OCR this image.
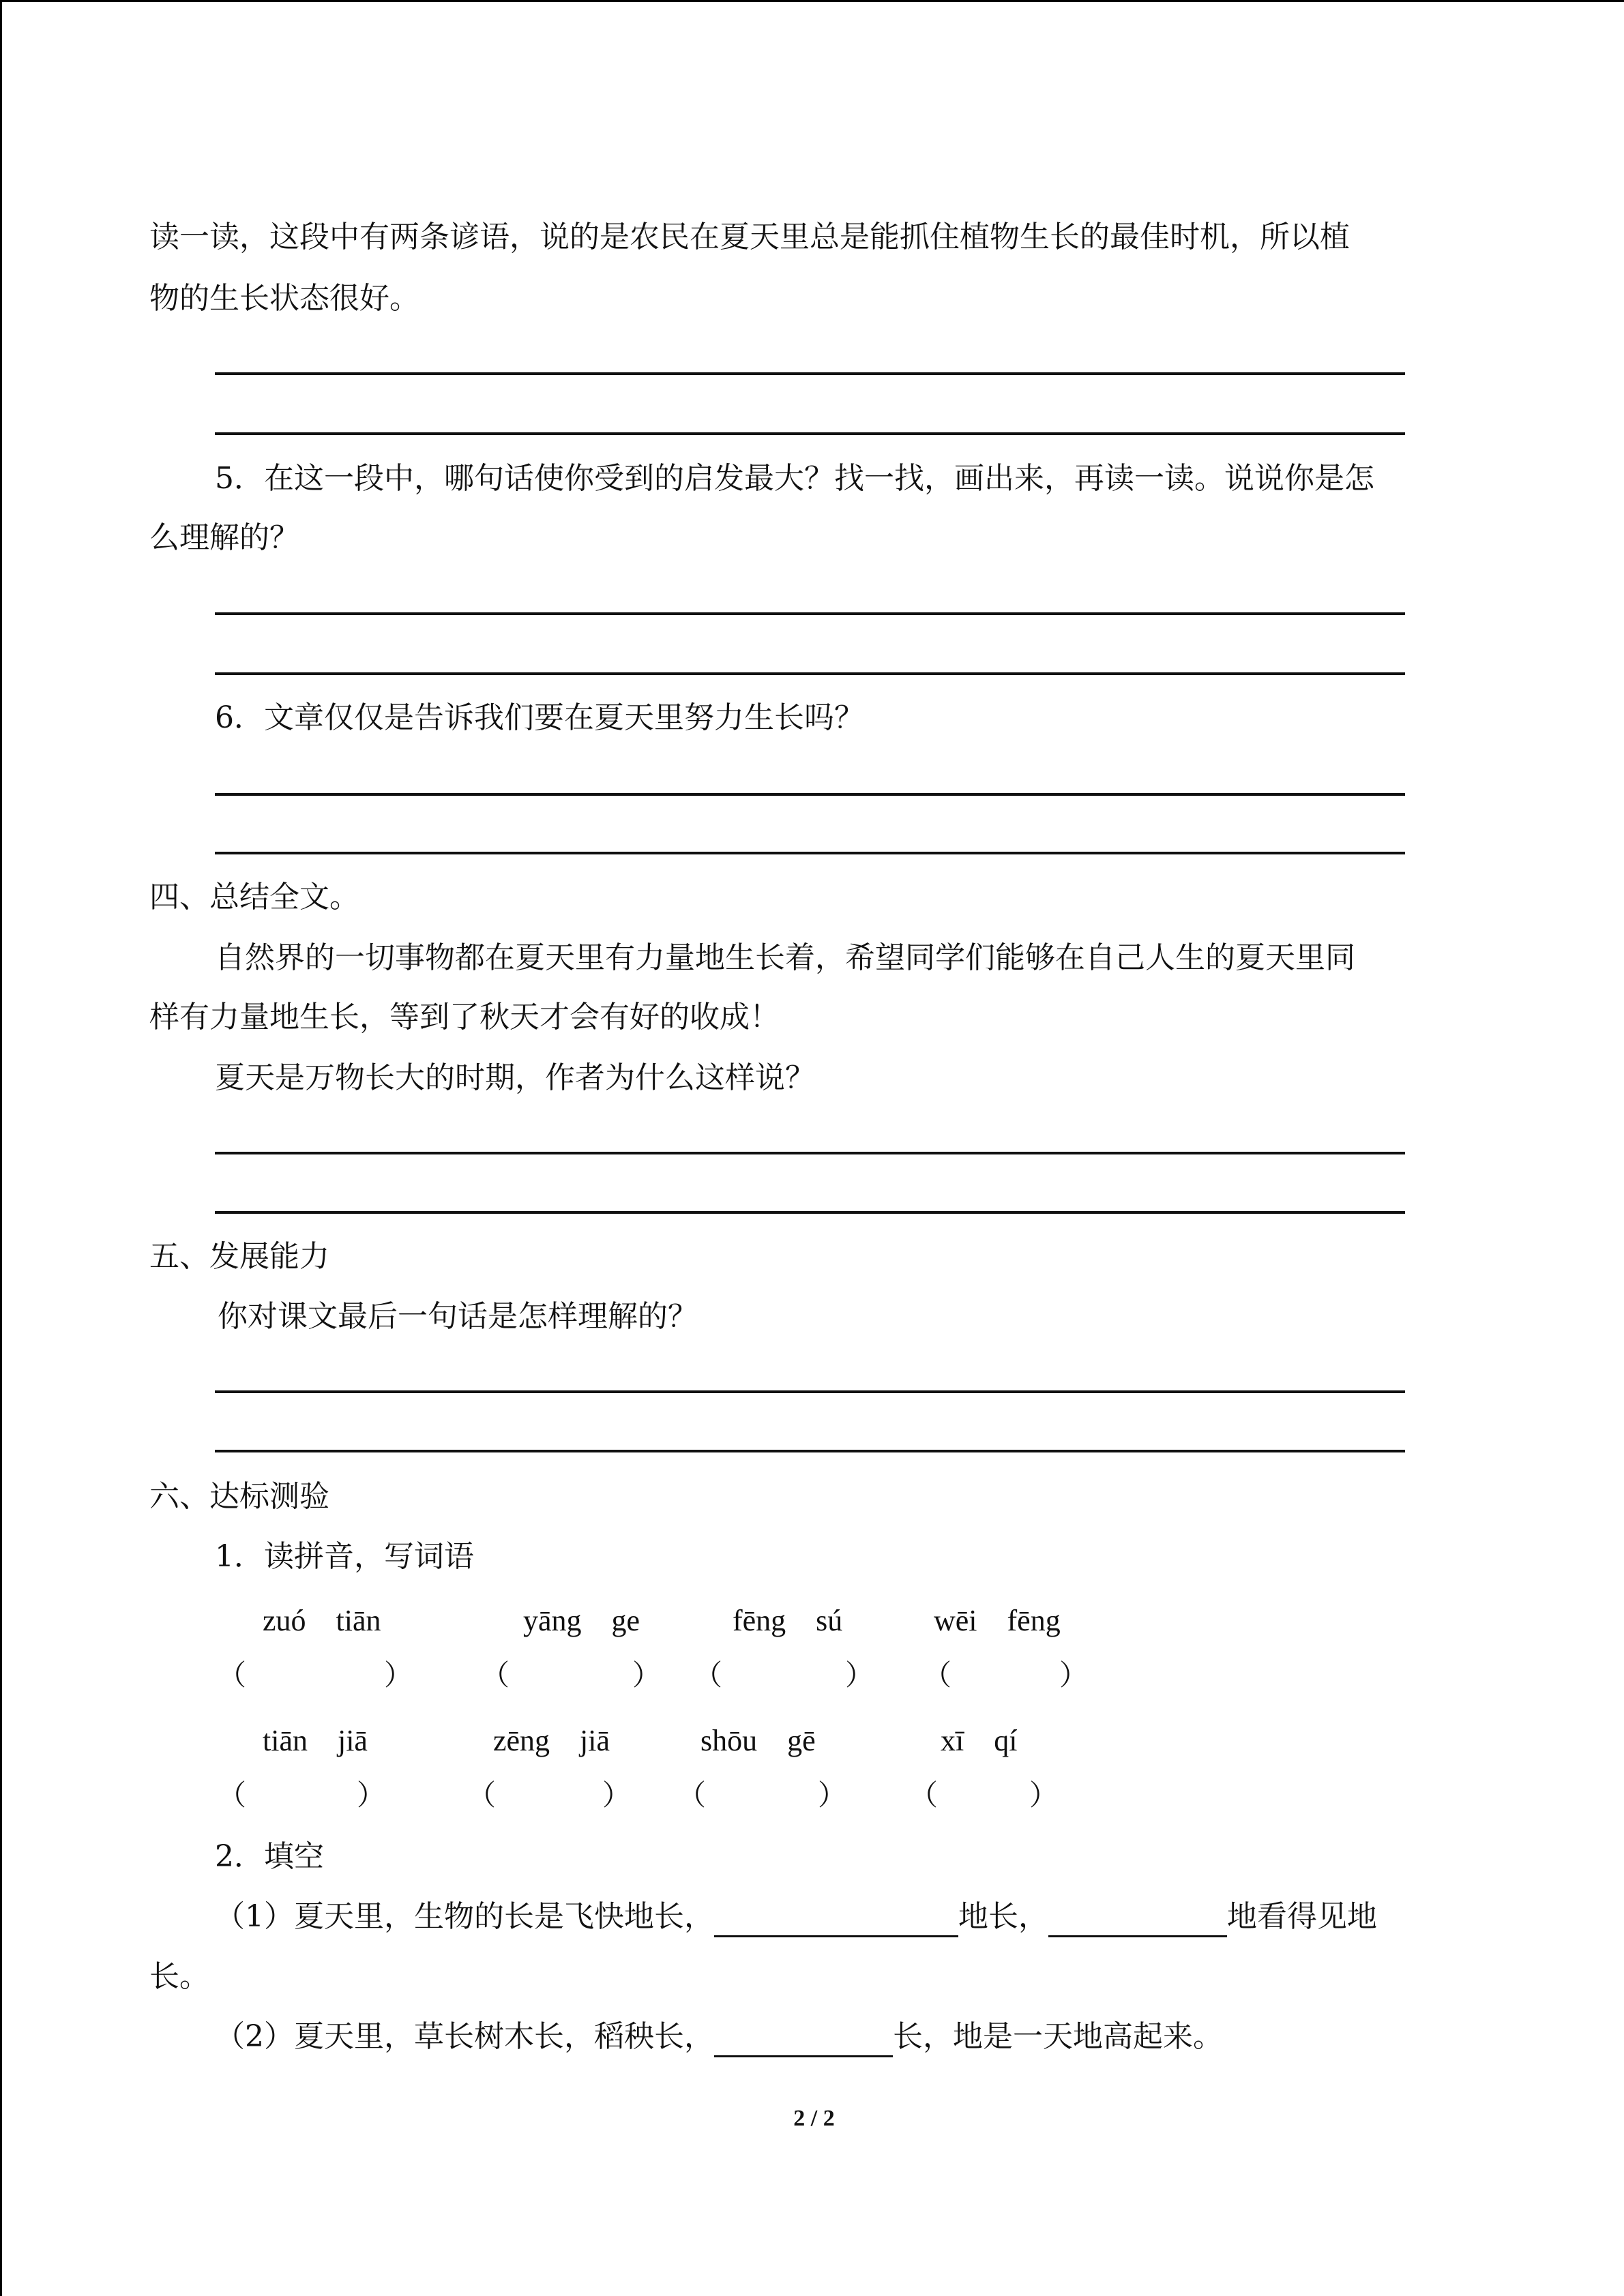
读一读，这段中有两条谚语，说的是农民在夏天里总是能抓住植物生长的最佳时机，所以植
物的生长状态很好。
5．在这一段中，哪句话使你受到的启发最大？找一找，画出来，再读一读。说说你是怎
么理解的？
6．文章仅仅是告诉我们要在夏天里努力生长吗？
四、总结全文。
自然界的一切事物都在夏天里有力量地生长着，希望同学们能够在自己人生的夏天里同
样有力量地生长，等到了秋天才会有好的收成！
夏天是万物长大的时期，作者为什么这样说？
五、发展能力
你对课文最后一句话是怎样理解的？
六、达标测验
1．读拼音，写词语
zuó　tiān	yāng　ge	fēng　sú	wēi　fēng
（	） （	） （	） （	）
tiān　jiā	zēng　jiā	shōu　gē	xī　qí
（	）	（	） （	） （	）
2．填空
（1）夏天里，生物的长是飞快地长，	地长，	地看得见地
长。
（2）夏天里，草长树木长，稻秧长，	长，地是一天地高起来。
2 / 2
